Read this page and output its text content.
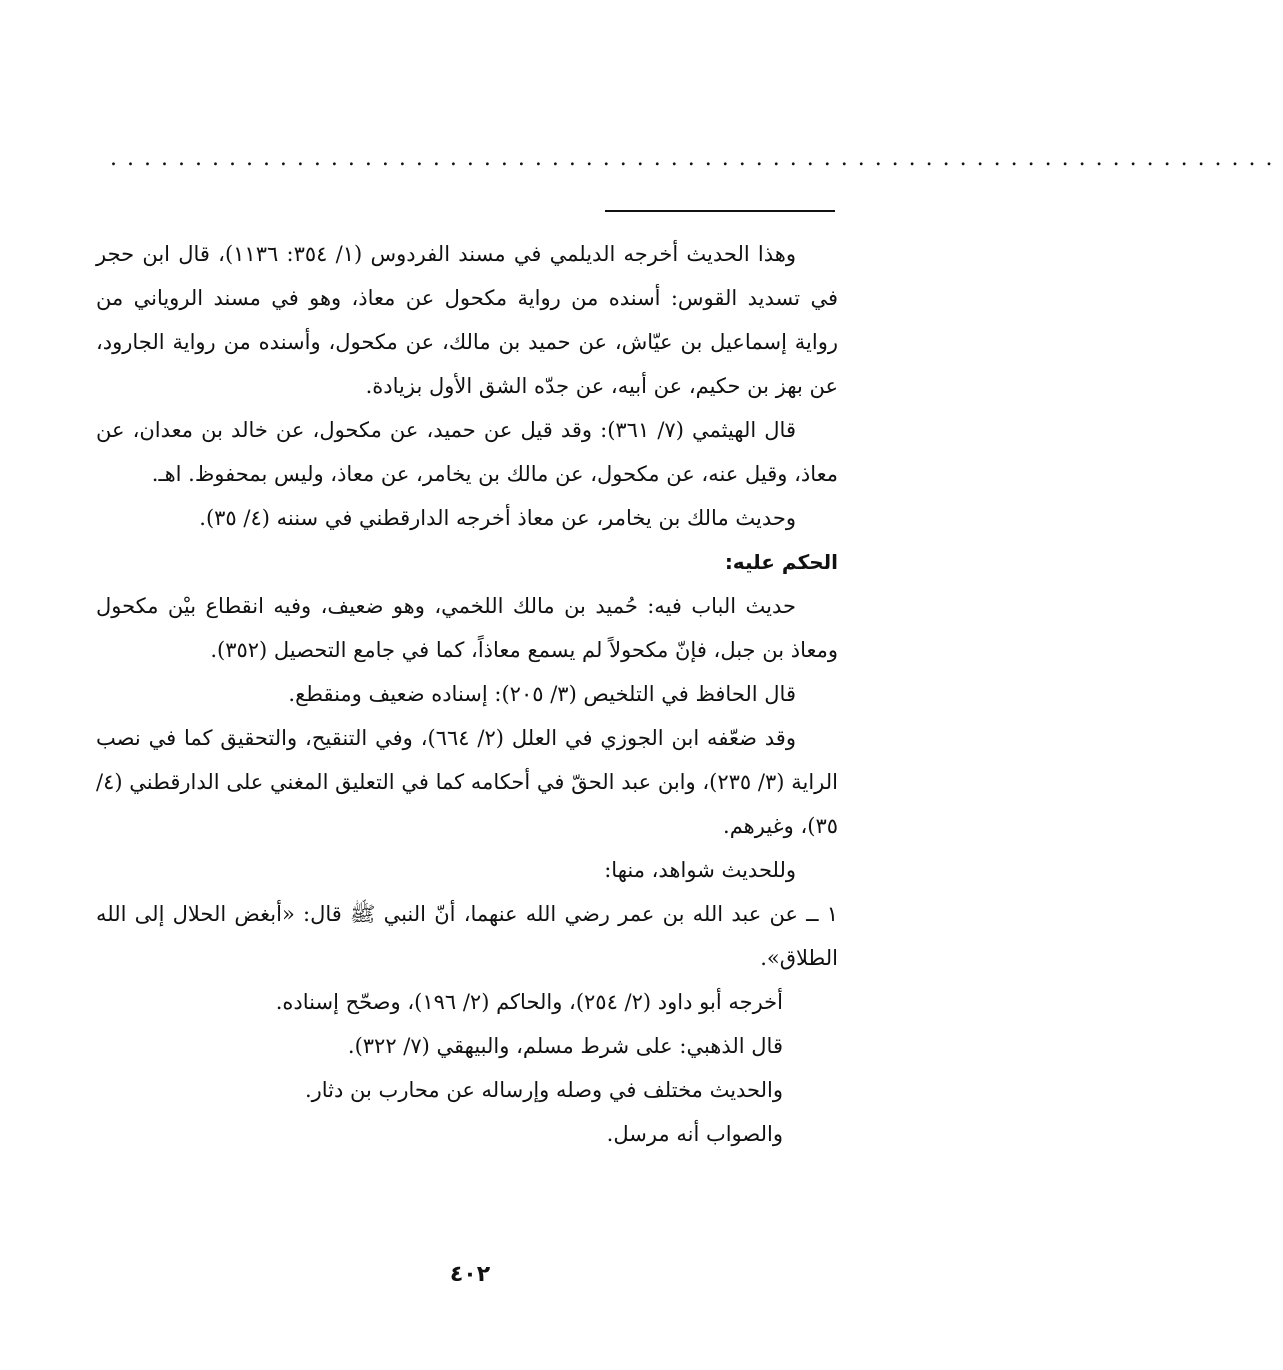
.....................................................................

وهذا الحديث أخرجه الديلمي في مسند الفردوس (١/ ٣٥٤: ١١٣٦)، قال ابن حجر في تسديد القوس: أسنده من رواية مكحول عن معاذ، وهو في مسند الروياني من رواية إسماعيل بن عيّاش، عن حميد بن مالك، عن مكحول، وأسنده من رواية الجارود، عن بهز بن حكيم، عن أبيه، عن جدّه الشق الأول بزيادة.

قال الهيثمي (٧/ ٣٦١): وقد قيل عن حميد، عن مكحول، عن خالد بن معدان، عن معاذ، وقيل عنه، عن مكحول، عن مالك بن يخامر، عن معاذ، وليس بمحفوظ. اهـ.

وحديث مالك بن يخامر، عن معاذ أخرجه الدارقطني في سننه (٤/ ٣٥).

الحكم عليه:

حديث الباب فيه: حُميد بن مالك اللخمي، وهو ضعيف، وفيه انقطاع بيْن مكحول ومعاذ بن جبل، فإنّ مكحولاً لم يسمع معاذاً، كما في جامع التحصيل (٣٥٢).

قال الحافظ في التلخيص (٣/ ٢٠٥): إسناده ضعيف ومنقطع.

وقد ضعّفه ابن الجوزي في العلل (٢/ ٦٦٤)، وفي التنقيح، والتحقيق كما في نصب الراية (٣/ ٢٣٥)، وابن عبد الحقّ في أحكامه كما في التعليق المغني على الدارقطني (٤/ ٣٥)، وغيرهم.

وللحديث شواهد، منها:

١ ــ عن عبد الله بن عمر رضي الله عنهما، أنّ النبي ﷺ قال: «أبغض الحلال إلى الله الطلاق».

أخرجه أبو داود (٢/ ٢٥٤)، والحاكم (٢/ ١٩٦)، وصحّح إسناده.

قال الذهبي: على شرط مسلم، والبيهقي (٧/ ٣٢٢).

والحديث مختلف في وصله وإرساله عن محارب بن دثار.

والصواب أنه مرسل.

٤٠٢
